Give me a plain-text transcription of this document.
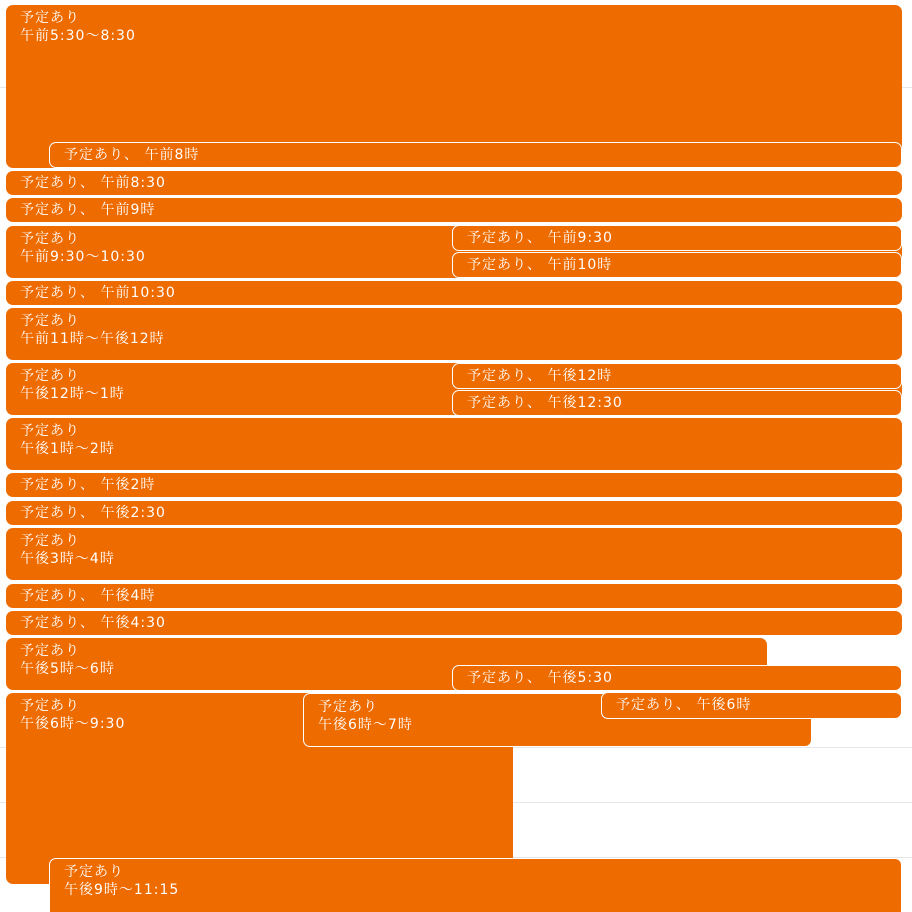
予定あり
午前5:30〜8:30
予定あり、 午前8時
予定あり、 午前8:30
予定あり、 午前9時
予定あり
午前9:30〜10:30
予定あり、 午前9:30
予定あり、 午前10時
予定あり、 午前10:30
予定あり
午前11時〜午後12時
予定あり
午後12時〜1時
予定あり、 午後12時
予定あり、 午後12:30
予定あり
午後1時〜2時
予定あり、 午後2時
予定あり、 午後2:30
予定あり
午後3時〜4時
予定あり、 午後4時
予定あり、 午後4:30
予定あり
午後5時〜6時
予定あり、 午後5:30
予定あり
午後6時〜9:30
予定あり
午後6時〜7時
予定あり、 午後6時
予定あり
午後9時〜11:15
